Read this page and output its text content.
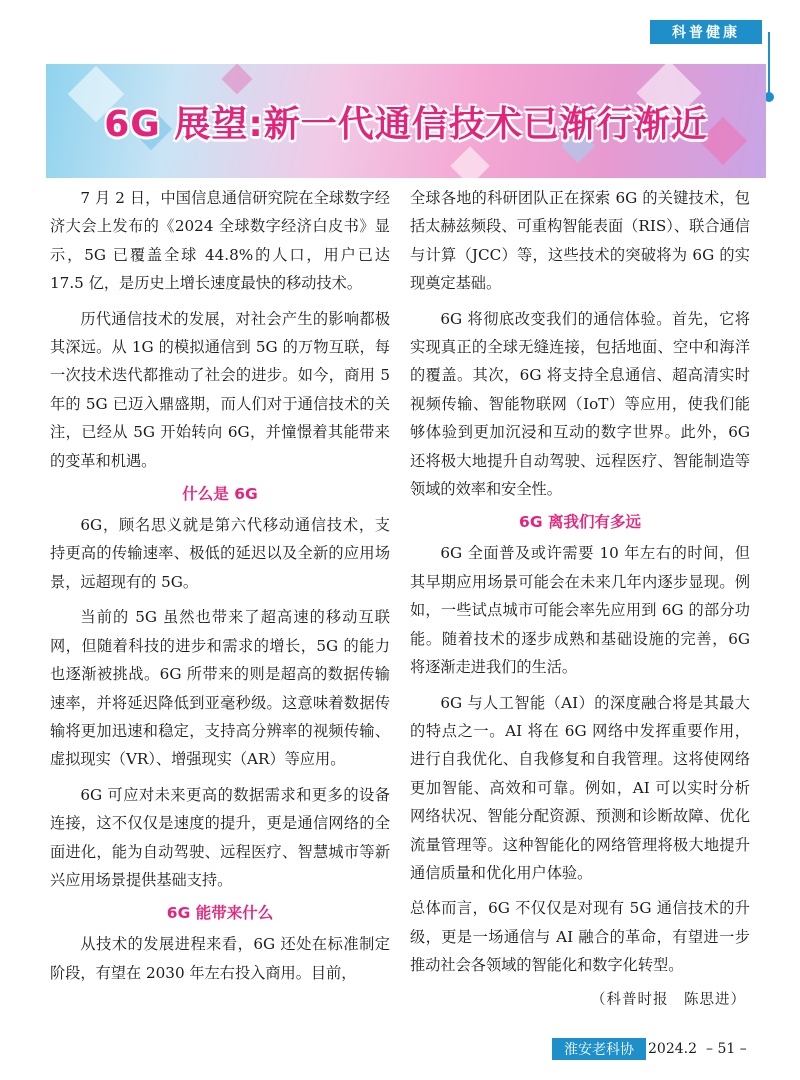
科普健康
6G 展望:新一代通信技术已渐行渐近

7 月 2 日，中国信息通信研究院在全球数字经济大会上发布的《2024 全球数字经济白皮书》显示，5G 已覆盖全球 44.8%的人口，用户已达 17.5 亿，是历史上增长速度最快的移动技术。

历代通信技术的发展，对社会产生的影响都极其深远。从 1G 的模拟通信到 5G 的万物互联，每一次技术迭代都推动了社会的进步。如今，商用 5 年的 5G 已迈入鼎盛期，而人们对于通信技术的关注，已经从 5G 开始转向 6G，并憧憬着其能带来的变革和机遇。

什么是 6G

6G，顾名思义就是第六代移动通信技术，支持更高的传输速率、极低的延迟以及全新的应用场景，远超现有的 5G。

当前的 5G 虽然也带来了超高速的移动互联网，但随着科技的进步和需求的增长，5G 的能力也逐渐被挑战。6G 所带来的则是超高的数据传输速率，并将延迟降低到亚毫秒级。这意味着数据传输将更加迅速和稳定，支持高分辨率的视频传输、虚拟现实（VR）、增强现实（AR）等应用。

6G 可应对未来更高的数据需求和更多的设备连接，这不仅仅是速度的提升，更是通信网络的全面进化，能为自动驾驶、远程医疗、智慧城市等新兴应用场景提供基础支持。

6G 能带来什么

从技术的发展进程来看，6G 还处在标准制定阶段，有望在 2030 年左右投入商用。目前，

全球各地的科研团队正在探索 6G 的关键技术，包括太赫兹频段、可重构智能表面（RIS）、联合通信与计算（JCC）等，这些技术的突破将为 6G 的实现奠定基础。

6G 将彻底改变我们的通信体验。首先，它将实现真正的全球无缝连接，包括地面、空中和海洋的覆盖。其次，6G 将支持全息通信、超高清实时视频传输、智能物联网（IoT）等应用，使我们能够体验到更加沉浸和互动的数字世界。此外，6G 还将极大地提升自动驾驶、远程医疗、智能制造等领域的效率和安全性。

6G 离我们有多远

6G 全面普及或许需要 10 年左右的时间，但其早期应用场景可能会在未来几年内逐步显现。例如，一些试点城市可能会率先应用到 6G 的部分功能。随着技术的逐步成熟和基础设施的完善，6G 将逐渐走进我们的生活。

6G 与人工智能（AI）的深度融合将是其最大的特点之一。AI 将在 6G 网络中发挥重要作用，进行自我优化、自我修复和自我管理。这将使网络更加智能、高效和可靠。例如，AI 可以实时分析网络状况、智能分配资源、预测和诊断故障、优化流量管理等。这种智能化的网络管理将极大地提升通信质量和优化用户体验。

总体而言，6G 不仅仅是对现有 5G 通信技术的升级，更是一场通信与 AI 融合的革命，有望进一步推动社会各领域的智能化和数字化转型。

（科普时报　陈思进）
淮安老科协	2024.2 – 51 –
